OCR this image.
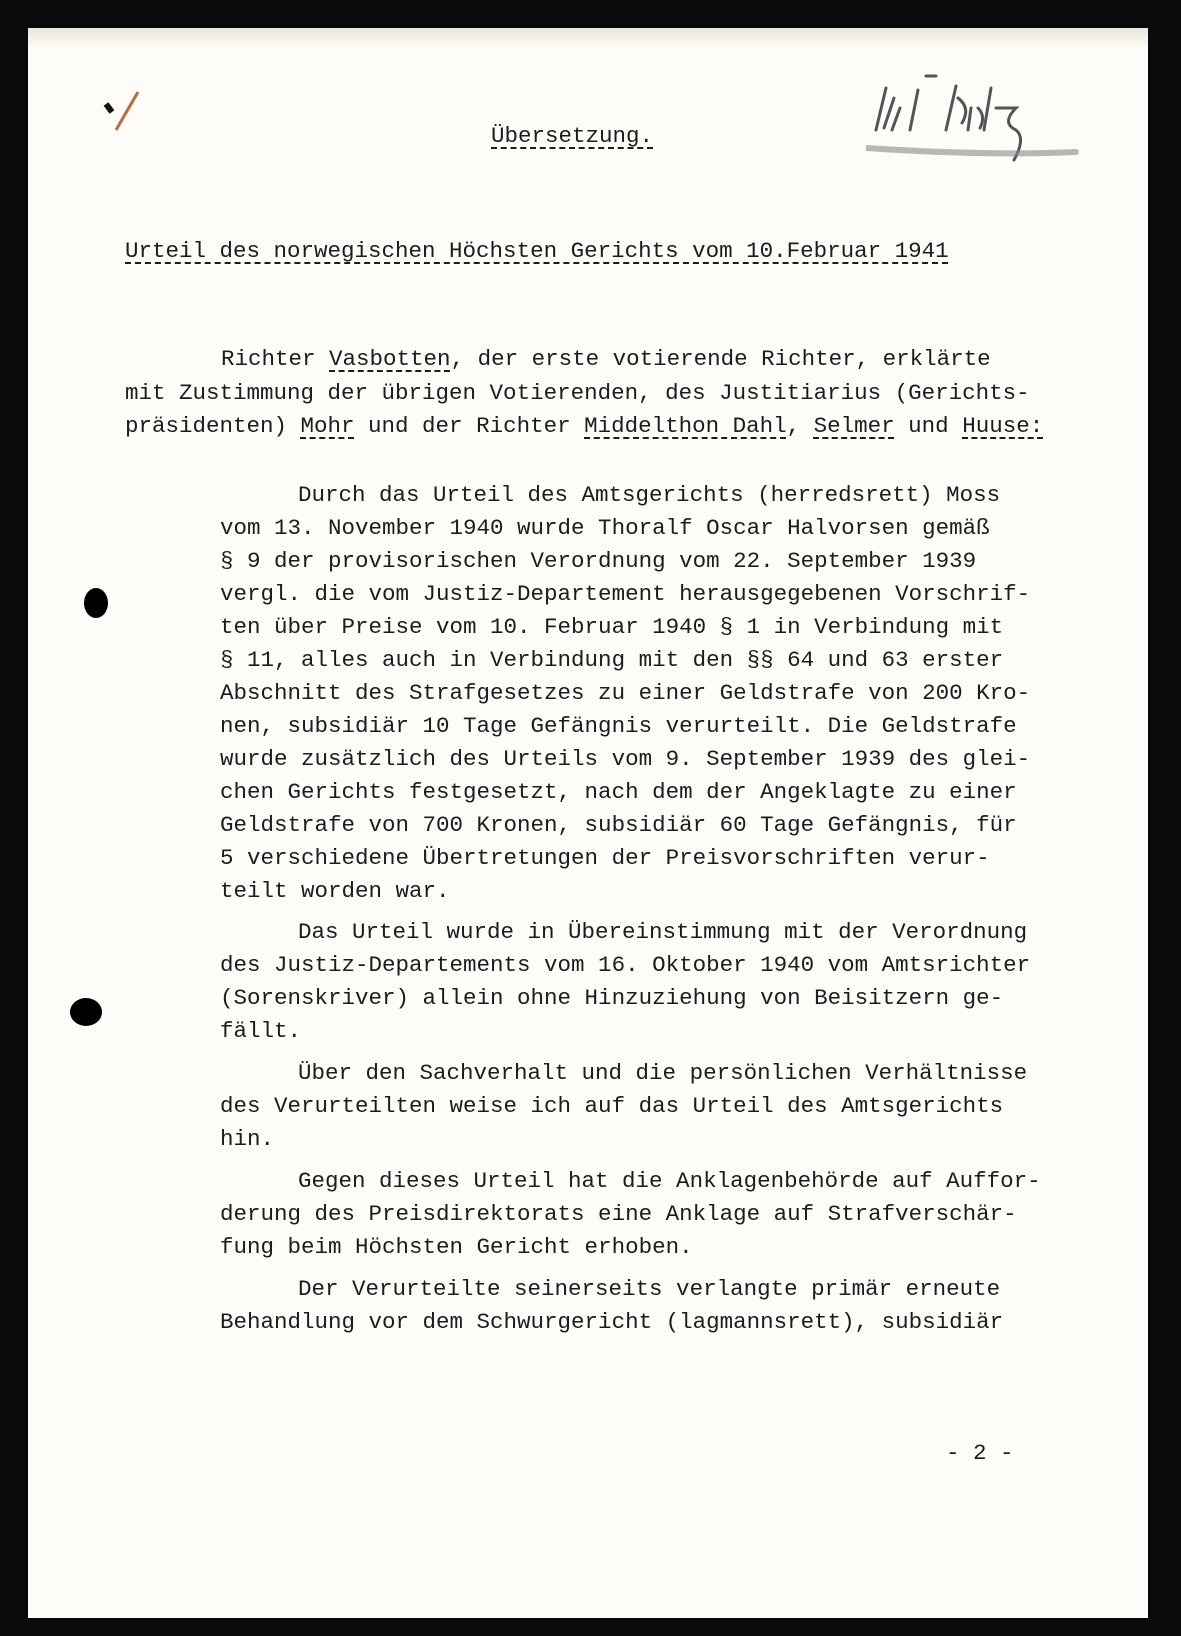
Übersetzung.
Urteil des norwegischen Höchsten Gerichts vom 10.Februar 1941
Richter Vasbotten, der erste votierende Richter, erklärte
mit Zustimmung der übrigen Votierenden, des Justitiarius (Gerichts-
präsidenten) Mohr und der Richter Middelthon Dahl, Selmer und Huuse:
Durch das Urteil des Amtsgerichts (herredsrett) Moss
vom 13. November 1940 wurde Thoralf Oscar Halvorsen gemäß
§ 9 der provisorischen Verordnung vom 22. September 1939
vergl. die vom Justiz-Departement herausgegebenen Vorschrif-
ten über Preise vom 10. Februar 1940 § 1 in Verbindung mit
§ 11, alles auch in Verbindung mit den §§ 64 und 63 erster
Abschnitt des Strafgesetzes zu einer Geldstrafe von 200 Kro-
nen, subsidiär 10 Tage Gefängnis verurteilt. Die Geldstrafe
wurde zusätzlich des Urteils vom 9. September 1939 des glei-
chen Gerichts festgesetzt, nach dem der Angeklagte zu einer
Geldstrafe von 700 Kronen, subsidiär 60 Tage Gefängnis, für
5 verschiedene Übertretungen der Preisvorschriften verur-
teilt worden war.
Das Urteil wurde in Übereinstimmung mit der Verordnung
des Justiz-Departements vom 16. Oktober 1940 vom Amtsrichter
(Sorenskriver) allein ohne Hinzuziehung von Beisitzern ge-
fällt.
Über den Sachverhalt und die persönlichen Verhältnisse
des Verurteilten weise ich auf das Urteil des Amtsgerichts
hin.
Gegen dieses Urteil hat die Anklagenbehörde auf Auffor-
derung des Preisdirektorats eine Anklage auf Strafverschär-
fung beim Höchsten Gericht erhoben.
Der Verurteilte seinerseits verlangte primär erneute
Behandlung vor dem Schwurgericht (lagmannsrett), subsidiär
- 2 -
